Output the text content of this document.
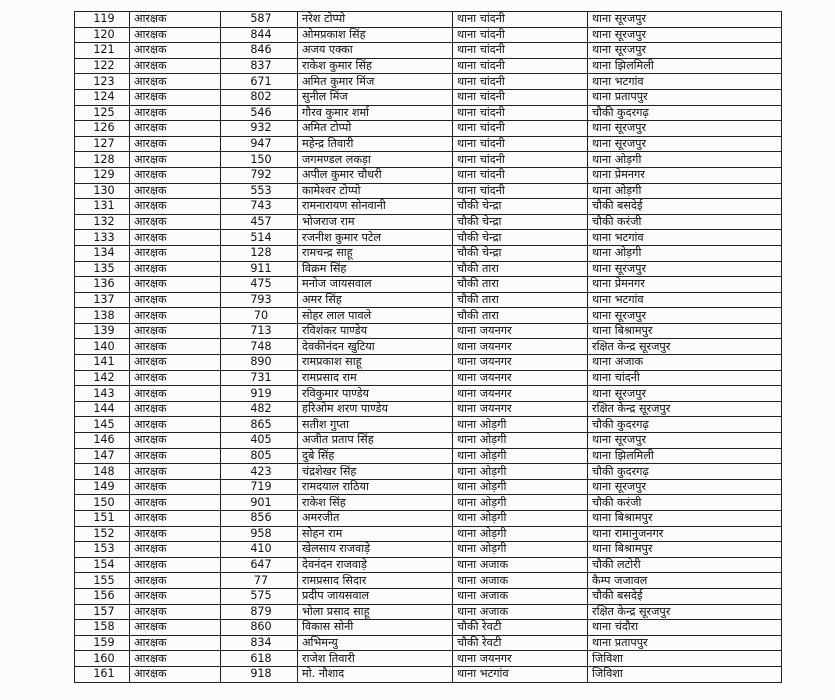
119	आरक्षक	587	नरेश टोप्पो	थाना चांदनी	थाना सूरजपुर
120	आरक्षक	844	ओमप्रकाश सिंह	थाना चांदनी	थाना सूरजपुर
121	आरक्षक	846	अजय एक्का	थाना चांदनी	थाना सूरजपुर
122	आरक्षक	837	राकेश कुमार सिंह	थाना चांदनी	थाना झिलमिली
123	आरक्षक	671	अमित कुमार मिंज	थाना चांदनी	थाना भटगांव
124	आरक्षक	802	सुनील मिंज	थाना चांदनी	थाना प्रतापपुर
125	आरक्षक	546	गौरव कुमार शर्मा	थाना चांदनी	चौकी कुदरगढ़
126	आरक्षक	932	अमित टोप्पो	थाना चांदनी	थाना सूरजपुर
127	आरक्षक	947	महेन्द्र तिवारी	थाना चांदनी	थाना सूरजपुर
128	आरक्षक	150	जगमण्डल लकड़ा	थाना चांदनी	थाना ओड़गी
129	आरक्षक	792	अपील कुमार चौधरी	थाना चांदनी	थाना प्रेमनगर
130	आरक्षक	553	कामेश्वर टोप्पो	थाना चांदनी	थाना ओड़गी
131	आरक्षक	743	रामनारायण सोनवानी	चौकी चेन्द्रा	चौकी बसदेई
132	आरक्षक	457	भोजराज राम	चौकी चेन्द्रा	चौकी करंजी
133	आरक्षक	514	रजनीश कुमार पटेल	चौकी चेन्द्रा	थाना भटगांव
134	आरक्षक	128	रामचन्द्र साहू	चौकी चेन्द्रा	थाना ओड़गी
135	आरक्षक	911	विक्रम सिंह	चौकी तारा	थाना सूरजपुर
136	आरक्षक	475	मनोज जायसवाल	चौकी तारा	थाना प्रेमनगर
137	आरक्षक	793	अमर सिंह	चौकी तारा	थाना भटगांव
138	आरक्षक	70	सोहर लाल पावले	चौकी तारा	थाना सूरजपुर
139	आरक्षक	713	रविशंकर पाण्डेय	थाना जयनगर	थाना बिश्रामपुर
140	आरक्षक	748	देवकीनंदन खुटिया	थाना जयनगर	रक्षित केन्द्र सूरजपुर
141	आरक्षक	890	रामप्रकाश साहू	थाना जयनगर	थाना अजाक
142	आरक्षक	731	रामप्रसाद राम	थाना जयनगर	थाना चांदनी
143	आरक्षक	919	रविकुमार पाण्डेय	थाना जयनगर	थाना सूरजपुर
144	आरक्षक	482	हरिओम शरण पाण्डेय	थाना जयनगर	रक्षित केन्द्र सूरजपुर
145	आरक्षक	865	सतीश गुप्ता	थाना ओड़गी	चौकी कुदरगढ़
146	आरक्षक	405	अजीत प्रताप सिंह	थाना ओड़गी	थाना सूरजपुर
147	आरक्षक	805	दुबे सिंह	थाना ओड़गी	थाना झिलमिली
148	आरक्षक	423	चंद्रशेखर सिंह	थाना ओड़गी	चौकी कुदरगढ़
149	आरक्षक	719	रामदयाल राठिया	थाना ओड़गी	थाना सूरजपुर
150	आरक्षक	901	राकेश सिंह	थाना ओड़गी	चौकी करंजी
151	आरक्षक	856	अमरजीत	थाना ओड़गी	थाना बिश्रामपुर
152	आरक्षक	958	सोहन राम	थाना ओड़गी	थाना रामानुजनगर
153	आरक्षक	410	खेलसाय राजवाड़े	थाना ओड़गी	थाना बिश्रामपुर
154	आरक्षक	647	देवनंदन राजवाड़े	थाना अजाक	चौकी लटोरी
155	आरक्षक	77	रामप्रसाद सिदार	थाना अजाक	कैम्प जजावल
156	आरक्षक	575	प्रदीप जायसवाल	थाना अजाक	चौकी बसदेई
157	आरक्षक	879	भोला प्रसाद साहू	थाना अजाक	रक्षित केन्द्र सूरजपुर
158	आरक्षक	860	विकास सोनी	चौकी रेवटी	थाना चंदौरा
159	आरक्षक	834	अभिमन्यु	चौकी रेवटी	थाना प्रतापपुर
160	आरक्षक	618	राजेश तिवारी	थाना जयनगर	जिविशा
161	आरक्षक	918	मो. नौशाद	थाना भटगांव	जिविशा
